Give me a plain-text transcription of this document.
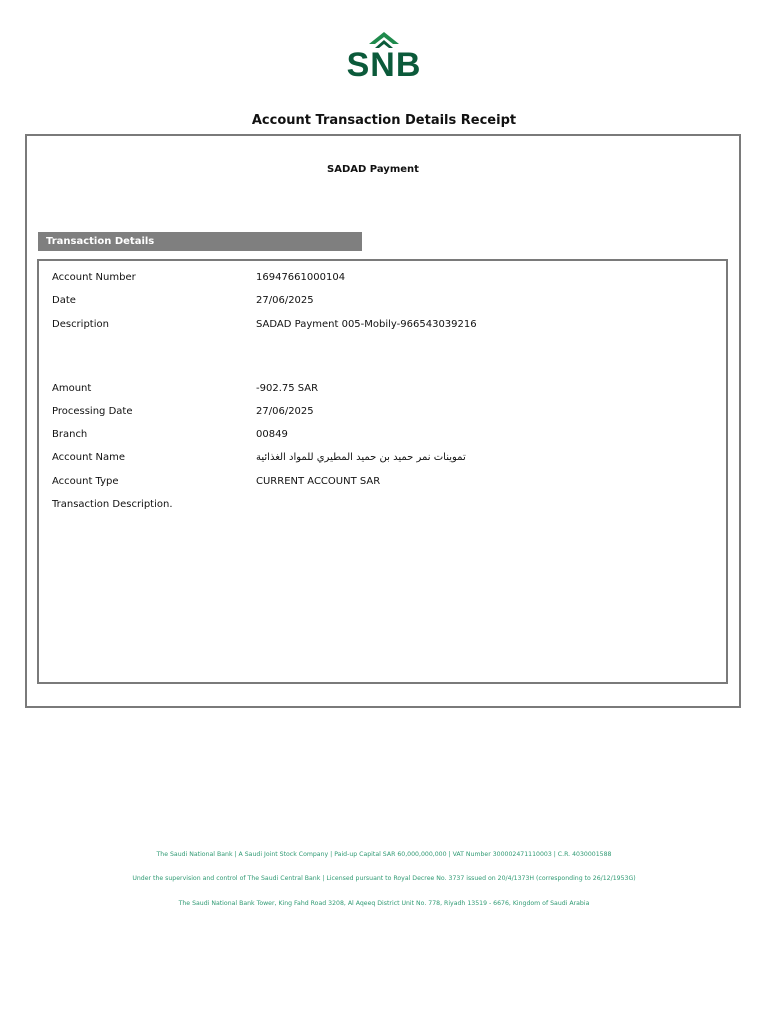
SNB
Account Transaction Details Receipt
SADAD Payment
Transaction Details
Account Number	16947661000104
Date	27/06/2025
Description	SADAD Payment 005-Mobily-966543039216
Amount	-902.75 SAR
Processing Date	27/06/2025
Branch	00849
Account Name	تموينات نمر حميد بن حميد المطيري للمواد الغذائية
Account Type	CURRENT ACCOUNT SAR
Transaction Description.
The Saudi National Bank | A Saudi Joint Stock Company | Paid-up Capital SAR 60,000,000,000 | VAT Number 300002471110003 | C.R. 4030001588
Under the supervision and control of The Saudi Central Bank | Licensed pursuant to Royal Decree No. 3737 issued on 20/4/1373H (corresponding to 26/12/1953G)
The Saudi National Bank Tower, King Fahd Road 3208, Al Aqeeq District Unit No. 778, Riyadh 13519 - 6676, Kingdom of Saudi Arabia
